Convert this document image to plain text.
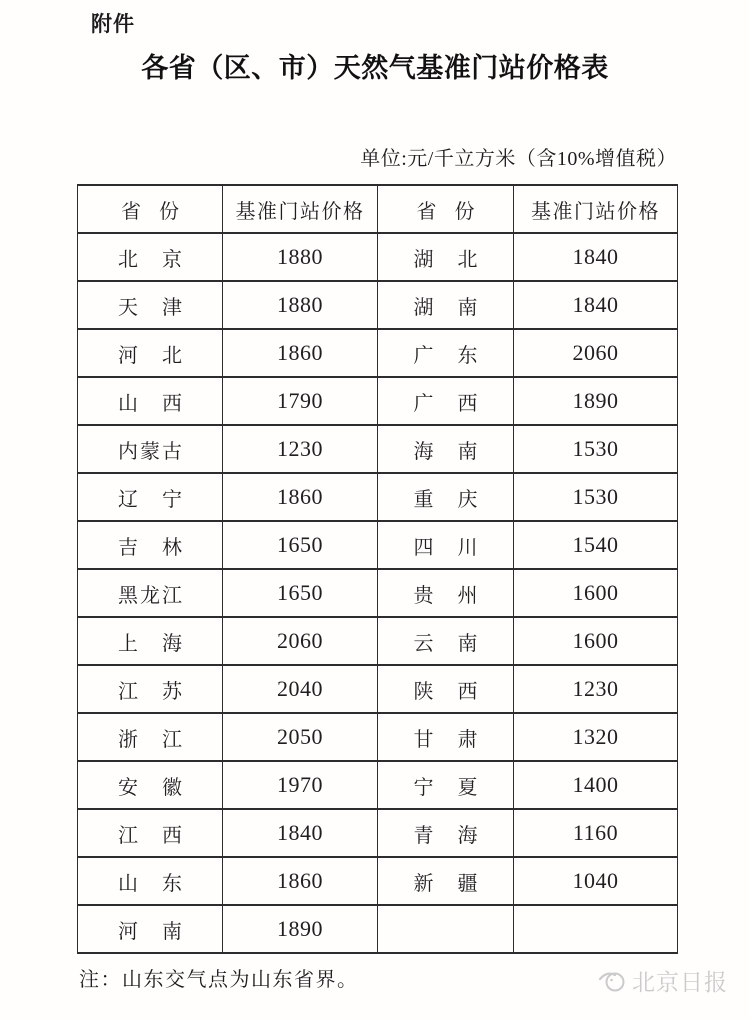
附件
各省（区、市）天然气基准门站价格表
单位:元/千立方米（含10%增值税）
省份	基准门站价格	省份	基准门站价格
北京	1880	湖北	1840
天津	1880	湖南	1840
河北	1860	广东	2060
山西	1790	广西	1890
内蒙古	1230	海南	1530
辽宁	1860	重庆	1530
吉林	1650	四川	1540
黑龙江	1650	贵州	1600
上海	2060	云南	1600
江苏	2040	陕西	1230
浙江	2050	甘肃	1320
安徽	1970	宁夏	1400
江西	1840	青海	1160
山东	1860	新疆	1040
河南	1890		
注：山东交气点为山东省界。	北京日报
